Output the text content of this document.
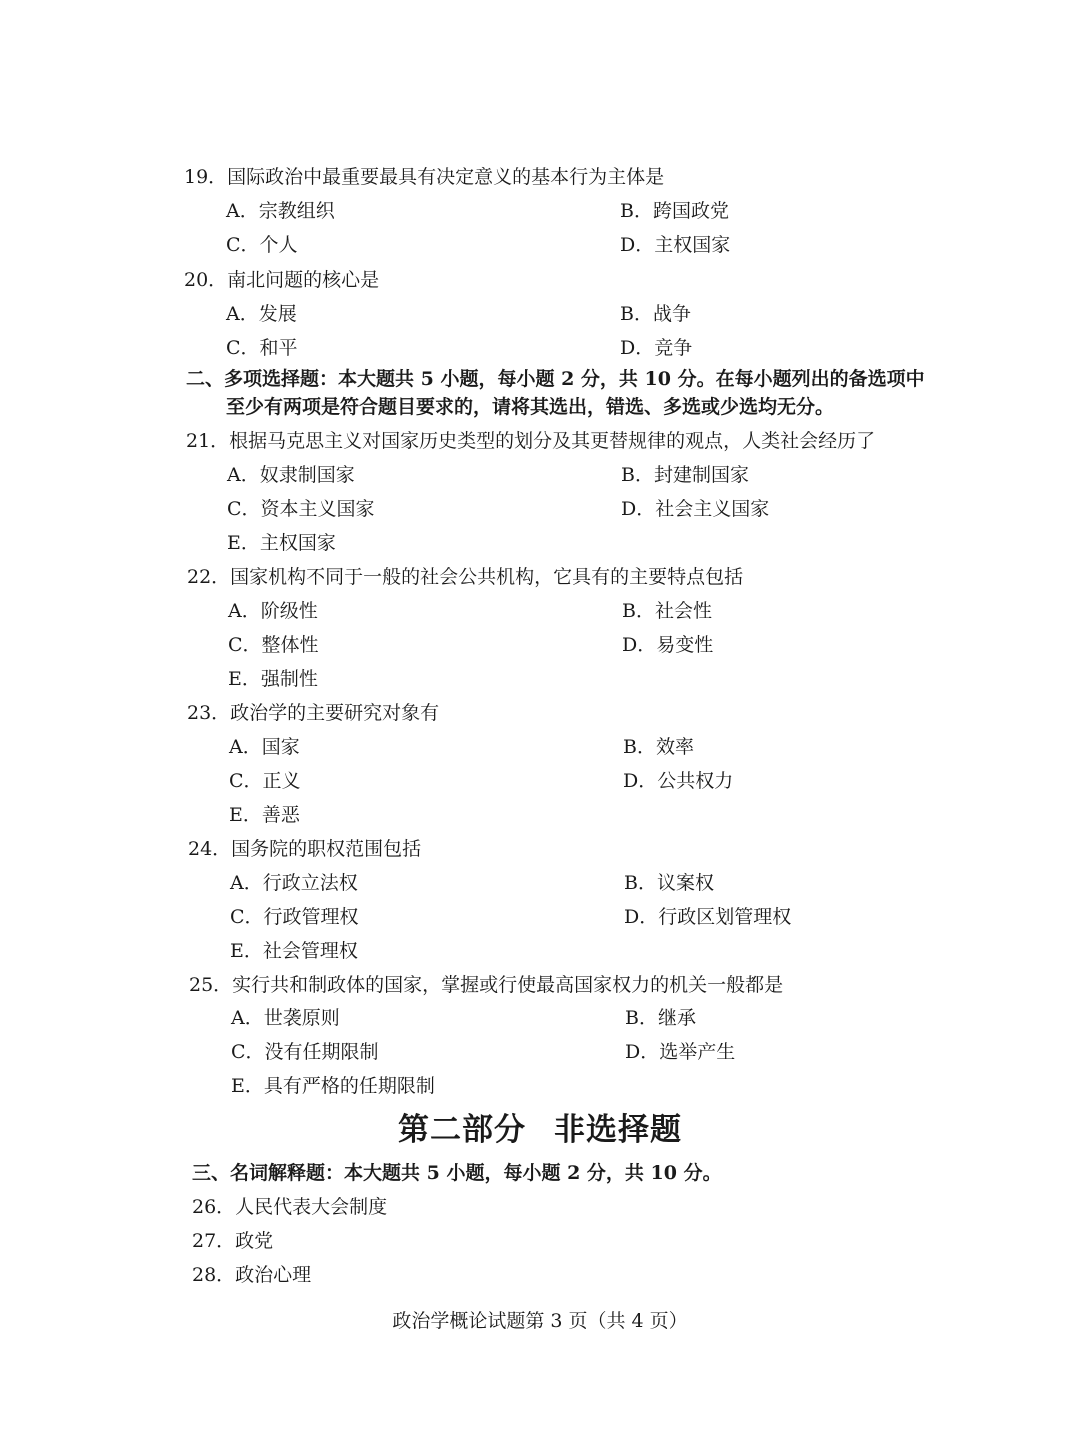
19．国际政治中最重要最具有决定意义的基本行为主体是
A．宗教组织	B．跨国政党
C．个人	D．主权国家
20．南北问题的核心是
A．发展	B．战争
C．和平	D．竞争
二、多项选择题：本大题共 5 小题，每小题 2 分，共 10 分。在每小题列出的备选项中
至少有两项是符合题目要求的，请将其选出，错选、多选或少选均无分。
21．根据马克思主义对国家历史类型的划分及其更替规律的观点，人类社会经历了
A．奴隶制国家	B．封建制国家
C．资本主义国家	D．社会主义国家
E．主权国家
22．国家机构不同于一般的社会公共机构，它具有的主要特点包括
A．阶级性	B．社会性
C．整体性	D．易变性
E．强制性
23．政治学的主要研究对象有
A．国家	B．效率
C．正义	D．公共权力
E．善恶
24．国务院的职权范围包括
A．行政立法权	B．议案权
C．行政管理权	D．行政区划管理权
E．社会管理权
25．实行共和制政体的国家，掌握或行使最高国家权力的机关一般都是
A．世袭原则	B．继承
C．没有任期限制	D．选举产生
E．具有严格的任期限制
第二部分 非选择题
三、名词解释题：本大题共 5 小题，每小题 2 分，共 10 分。
26．人民代表大会制度
27．政党
28．政治心理
政治学概论试题第 3 页（共 4 页）
